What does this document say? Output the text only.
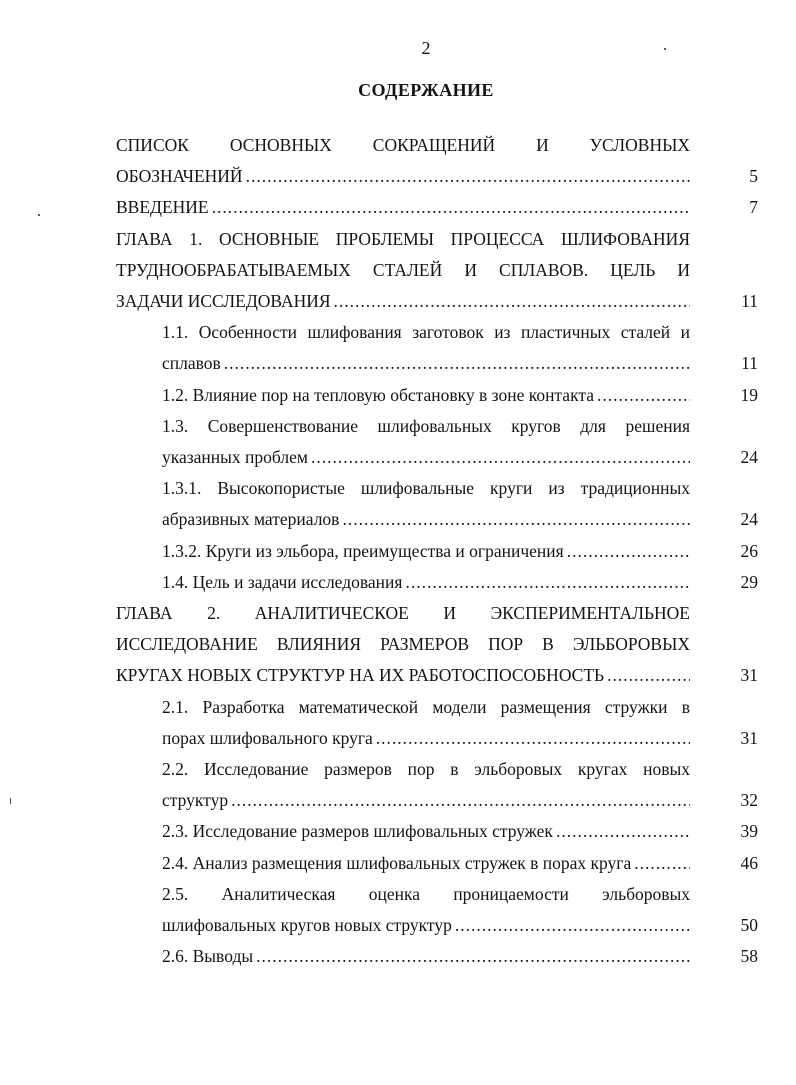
2
СОДЕРЖАНИЕ
СПИСОК ОСНОВНЫХ СОКРАЩЕНИЙ И УСЛОВНЫХ
ОБОЗНАЧЕНИЙ .....	5
ВВЕДЕНИЕ .....	7
ГЛАВА 1. ОСНОВНЫЕ ПРОБЛЕМЫ ПРОЦЕССА ШЛИФОВАНИЯ
ТРУДНООБРАБАТЫВАЕМЫХ СТАЛЕЙ И СПЛАВОВ. ЦЕЛЬ И
ЗАДАЧИ ИССЛЕДОВАНИЯ .....	11
1.1. Особенности шлифования заготовок из пластичных сталей и
сплавов .....	11
1.2. Влияние пор на тепловую обстановку в зоне контакта .....	19
1.3. Совершенствование шлифовальных кругов для решения
указанных проблем .....	24
1.3.1. Высокопористые шлифовальные круги из традиционных
абразивных материалов .....	24
1.3.2. Круги из эльбора, преимущества и ограничения .....	26
1.4. Цель и задачи исследования .....	29
ГЛАВА 2. АНАЛИТИЧЕСКОЕ И ЭКСПЕРИМЕНТАЛЬНОЕ
ИССЛЕДОВАНИЕ ВЛИЯНИЯ РАЗМЕРОВ ПОР В ЭЛЬБОРОВЫХ
КРУГАХ НОВЫХ СТРУКТУР НА ИХ РАБОТОСПОСОБНОСТЬ .....	31
2.1. Разработка математической модели размещения стружки в
порах шлифовального круга .....	31
2.2. Исследование размеров пор в эльборовых кругах новых
структур .....	32
2.3. Исследование размеров шлифовальных стружек .....	39
2.4. Анализ размещения шлифовальных стружек в порах круга .....	46
2.5. Аналитическая оценка проницаемости эльборовых
шлифовальных кругов новых структур .....	50
2.6. Выводы .....	58
